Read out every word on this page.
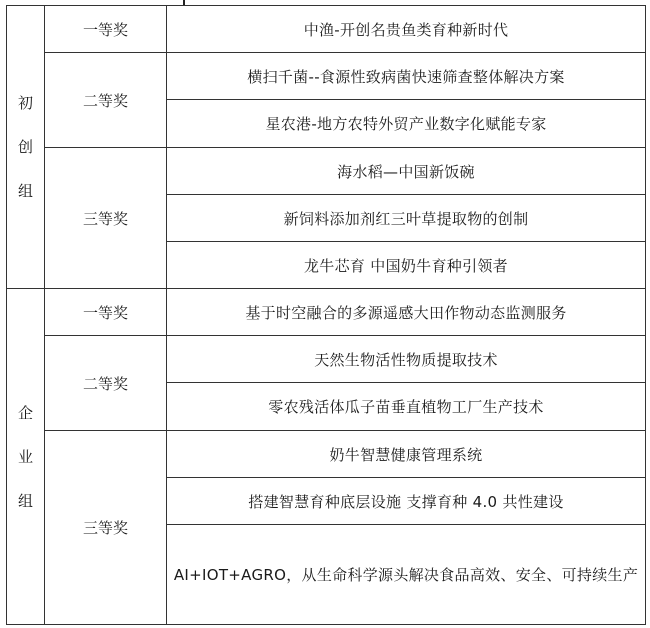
初创组	一等奖	中渔-开创名贵鱼类育种新时代
	二等奖	横扫千菌--食源性致病菌快速筛查整体解决方案
		星农港-地方农特外贸产业数字化赋能专家
	三等奖	海水稻—中国新饭碗
		新饲料添加剂红三叶草提取物的创制
		龙牛芯育 中国奶牛育种引领者
企业组	一等奖	基于时空融合的多源遥感大田作物动态监测服务
	二等奖	天然生物活性物质提取技术
		零农残活体瓜子苗垂直植物工厂生产技术
	三等奖	奶牛智慧健康管理系统
		搭建智慧育种底层设施 支撑育种 4.0 共性建设
		AI+IOT+AGRO，从生命科学源头解决食品高效、安全、可持续生产
